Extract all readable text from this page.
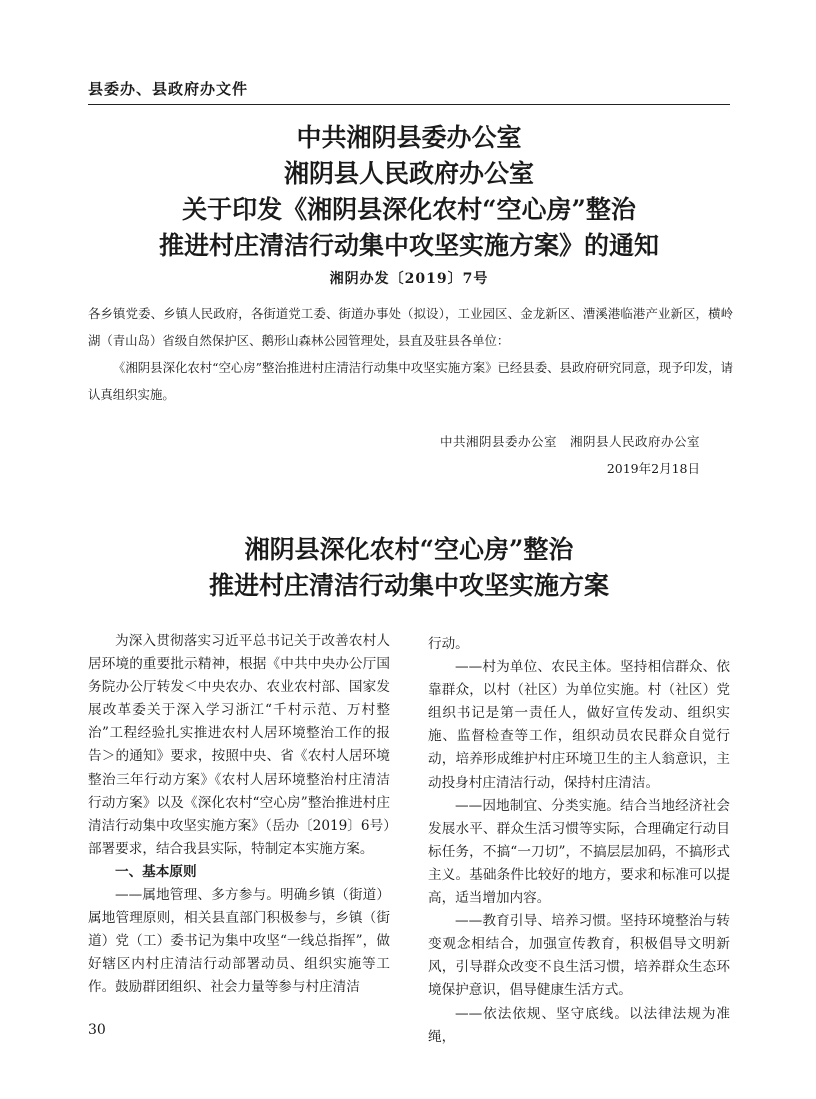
县委办、县政府办文件
中共湘阴县委办公室
湘阴县人民政府办公室
关于印发《湘阴县深化农村“空心房”整治
推进村庄清洁行动集中攻坚实施方案》的通知
湘阴办发〔2019〕7号

各乡镇党委、乡镇人民政府，各街道党工委、街道办事处（拟设），工业园区、金龙新区、漕溪港临港产业新区，横岭湖（青山岛）省级自然保护区、鹅形山森林公园管理处，县直及驻县各单位：

《湘阴县深化农村“空心房”整治推进村庄清洁行动集中攻坚实施方案》已经县委、县政府研究同意，现予印发，请认真组织实施。

中共湘阴县委办公室　湘阴县人民政府办公室
2019年2月18日
湘阴县深化农村“空心房”整治
推进村庄清洁行动集中攻坚实施方案

为深入贯彻落实习近平总书记关于改善农村人居环境的重要批示精神，根据《中共中央办公厅国务院办公厅转发＜中央农办、农业农村部、国家发展改革委关于深入学习浙江“千村示范、万村整治”工程经验扎实推进农村人居环境整治工作的报告＞的通知》要求，按照中央、省《农村人居环境整治三年行动方案》《农村人居环境整治村庄清洁行动方案》以及《深化农村“空心房”整治推进村庄清洁行动集中攻坚实施方案》（岳办〔2019〕6号）部署要求，结合我县实际，特制定本实施方案。

一、基本原则

——属地管理、多方参与。明确乡镇（街道）属地管理原则，相关县直部门积极参与，乡镇（街道）党（工）委书记为集中攻坚“一线总指挥”，做好辖区内村庄清洁行动部署动员、组织实施等工作。鼓励群团组织、社会力量等参与村庄清洁

行动。

——村为单位、农民主体。坚持相信群众、依靠群众，以村（社区）为单位实施。村（社区）党组织书记是第一责任人，做好宣传发动、组织实施、监督检查等工作，组织动员农民群众自觉行动，培养形成维护村庄环境卫生的主人翁意识，主动投身村庄清洁行动，保持村庄清洁。

——因地制宜、分类实施。结合当地经济社会发展水平、群众生活习惯等实际，合理确定行动目标任务，不搞“一刀切”，不搞层层加码，不搞形式主义。基础条件比较好的地方，要求和标准可以提高，适当增加内容。

——教育引导、培养习惯。坚持环境整治与转变观念相结合，加强宣传教育，积极倡导文明新风，引导群众改变不良生活习惯，培养群众生态环境保护意识，倡导健康生活方式。

——依法依规、坚守底线。以法律法规为准绳，

30
